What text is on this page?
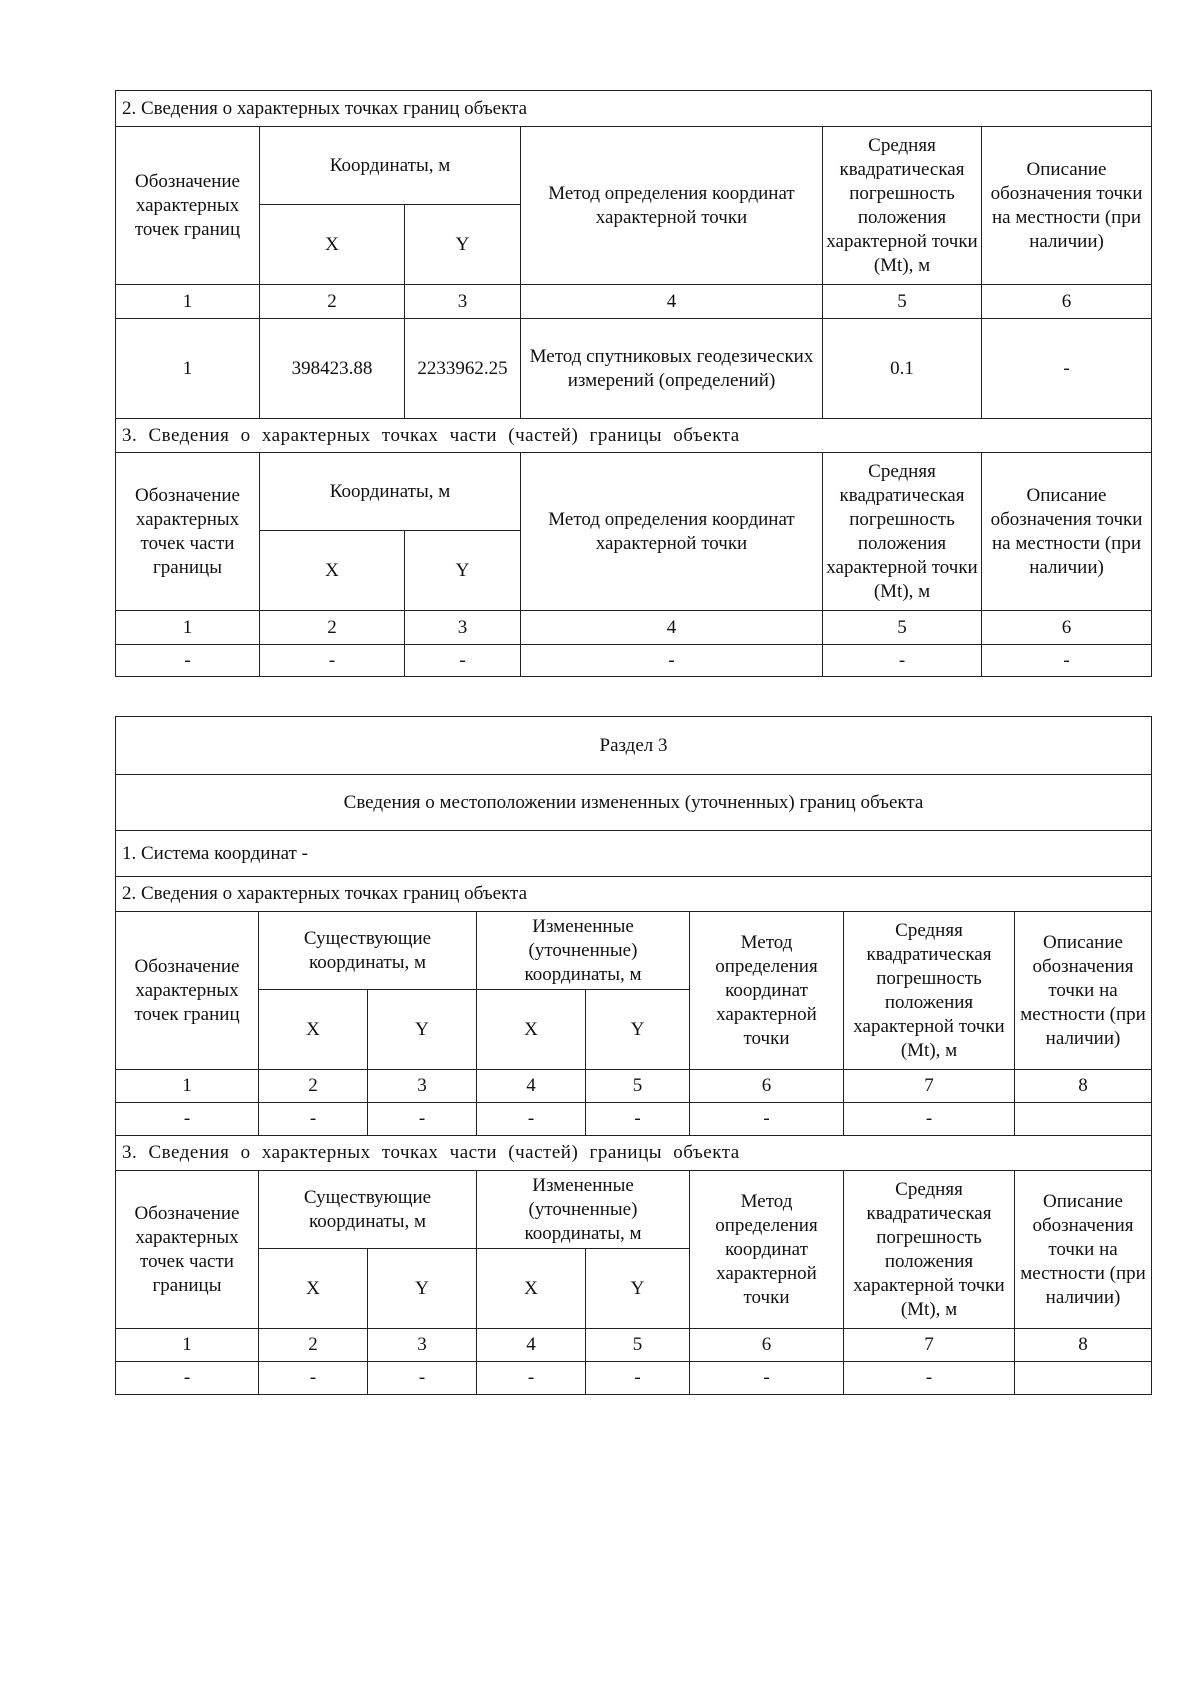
2. Сведения о характерных точках границ объекта					
Обозначение характерных точек границ	Координаты, м		Метод определения координат характерной точки	Средняя квадратическая погрешность положения характерной точки (Mt), м	Описание обозначения точки на местности (при наличии)
	X	Y			
1	2	3	4	5	6
1	398423.88	2233962.25	Метод спутниковых геодезических измерений (определений)	0.1	-
3. Сведения о характерных точках части (частей) границы объекта					
Обозначение характерных точек части границы	Координаты, м		Метод определения координат характерной точки	Средняя квадратическая погрешность положения характерной точки (Mt), м	Описание обозначения точки на местности (при наличии)
	X	Y			
1	2	3	4	5	6
-	-	-	-	-	-
Раздел 3							
Сведения о местоположении измененных (уточненных) границ объекта							
1. Система координат -							
2. Сведения о характерных точках границ объекта							
Обозначение характерных точек границ	Существующие координаты, м		Измененные (уточненные) координаты, м		Метод определения координат характерной точки	Средняя квадратическая погрешность положения характерной точки (Mt), м	Описание обозначения точки на местности (при наличии)
	X	Y	X	Y			
1	2	3	4	5	6	7	8
-	-	-	-	-	-	-	
3. Сведения о характерных точках части (частей) границы объекта							
Обозначение характерных точек части границы	Существующие координаты, м		Измененные (уточненные) координаты, м		Метод определения координат характерной точки	Средняя квадратическая погрешность положения характерной точки (Mt), м	Описание обозначения точки на местности (при наличии)
	X	Y	X	Y			
1	2	3	4	5	6	7	8
-	-	-	-	-	-	-	
